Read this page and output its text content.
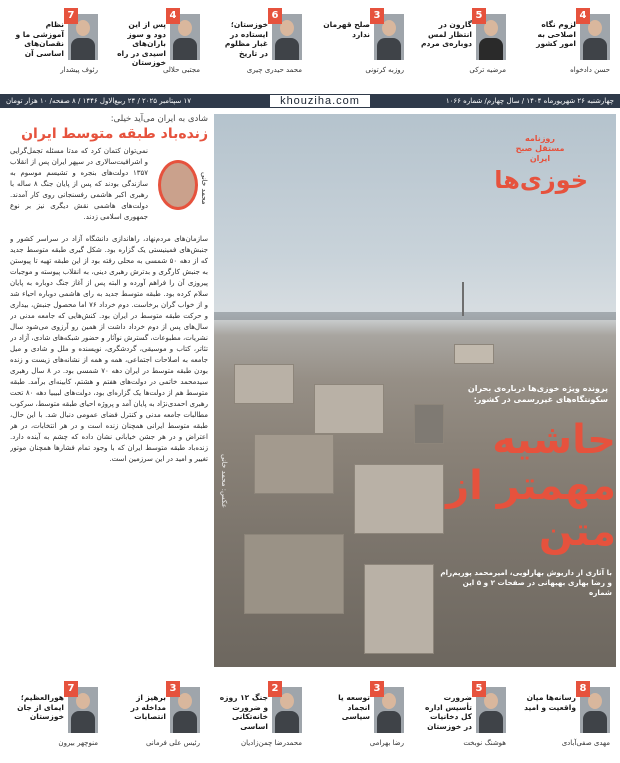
4
لزوم نگاه اصلاحی به امور کشور
حسن دادخواه
5
گارون در انتظار لمس دوباره‌ی مردم
مرضیه ترکی
3
صلح قهرمان ندارد
روزبه کرتونی
6
خوزستان؛ ایستاده در غبار مظلوم در تاریخ
محمد حیدری چیری
4
پس از این دود و سوز باران‌های اسیدی در راه خوزستان
مجتبی حلالی
7
نظام آموزشی ما و نقصان‌های اساسی آن
رئوف پیشدار
چهارشنبه ۲۶ شهریورماه ۱۴۰۴ / سال چهارم/ شماره ۱۰۶۶
۱۷ سپتامبر ۲۰۲۵ / ۲۴ ربیع‌الاول ۱۴۴۶ / ۸ صفحه/ ۱۰ هزار تومان	khouziha.com
عکس: محمد خانی
روزنامه مستقل صبح ایران
خوزی‌ها
پرونده ویژه خوزی‌ها درباره‌ی بحران سکونتگاه‌های غیررسمی در کشور:
حاشیه مهمتر از متن
با آثاری از داریوش بهارلویی، امیرمحمد پوریم‌رام و رضا بهاری بهبهانی در صفحات ۲ و ۵ این شماره
شادی به ایران می‌آید خیلی:
زنده‌باد طبقه متوسط ایران
محمد خانی
نمی‌توان کتمان کرد که مدتا مسئله تجمل‌گرایی و اشرافیت‌سالاری در سپهر ایران پس از انقلاب ۱۳۵۷ دولت‌های بنجره و تشیسم موسوم به سازندگی بودند که پس از پایان جنگ ۸ ساله با رهبری اکبر هاشمی رفسنجانی روی کار آمدند. دولت‌های هاشمی نقش دیگری نیز بر نوع جمهوری اسلامی زدند.
سازمان‌های مردم‌نهاد، راهاندازی دانشگاه آزاد در سراسر کشور و جنبش‌های فمینیستی یک گزاره بود. شکل گیری طبقه متوسط جدید که از دهه ۵۰ شمسی به محلی رفته بود از این طبقه تهیه تا پیوستن به جنبش کارگری و بدترش رهبری دینی، به انقلاب پیوسته و موجبات پیروزی آن را فراهم آورده و البته پس از آغاز جنگ دوباره به پایان سلام کرده بود. طبقه متوسط جدید به رای هاشمی دوباره احیاء شد و از خواب گران برخاست. دوم خرداد ۷۶ اما محصول جنبش، بیداری و حرکت طبقه متوسط در ایران بود. کنش‌هایی که جامعه مدنی در سال‌های پس از دوم خرداد داشت از همین رو آرزوی می‌شود سال نشریات، مطبوعات، گسترش نوآثار و حضور شبکه‌های شادی، آزاد در تئاتر، کتاب و موسیقی، گردشگری، نویسنده و ملل و شادی و میل جامعه به اصلاحات اجتماعی، همه و همه از نشانه‌های زیست و زنده بودن طبقه متوسط در ایران دهه ۷۰ شمسی بود. در ۸ سال رهبری سیدمحمد خاتمی در دولت‌های هفتم و هشتم، کابینه‌ای برآمد. طبقه متوسط هم از دولت‌ها یک گزاره‌ای بود، دولت‌های لبیبیا دهه ۸۰ تحت رهبری احمدی‌نژاد به پایان آمد و پروژه احیای طبقه متوسط، سرکوب مطالبات جامعه مدنی و کنترل فضای عمومی دنبال شد. با این حال، طبقه متوسط ایرانی همچنان زنده است و در هر انتخابات، در هر اعتراض و در هر جشن خیابانی نشان داده که چشم به آینده دارد. زنده‌باد طبقه متوسط ایران که با وجود تمام فشارها همچنان موتور تغییر و امید در این سرزمین است.
8
رسانه‌ها میان واقعیت و امید
مهدی صفی‌آبادی
5
ضرورت تأسیس اداره کل دخانیات در خوزستان
هوشنگ نوبخت
3
توسعه یا انجماد سیاسی
رضا بهرامی
2
جنگ ۱۲ روزه و ضرورت خانه‌تکانی اساسی
محمدرضا چمن‌زادیان
3
برهیز از مداخله در انتصابات
رئیس علی فرمانی
7
هورالعظیم؛ ایمای از جان خوزستان
منوچهر بیرون
